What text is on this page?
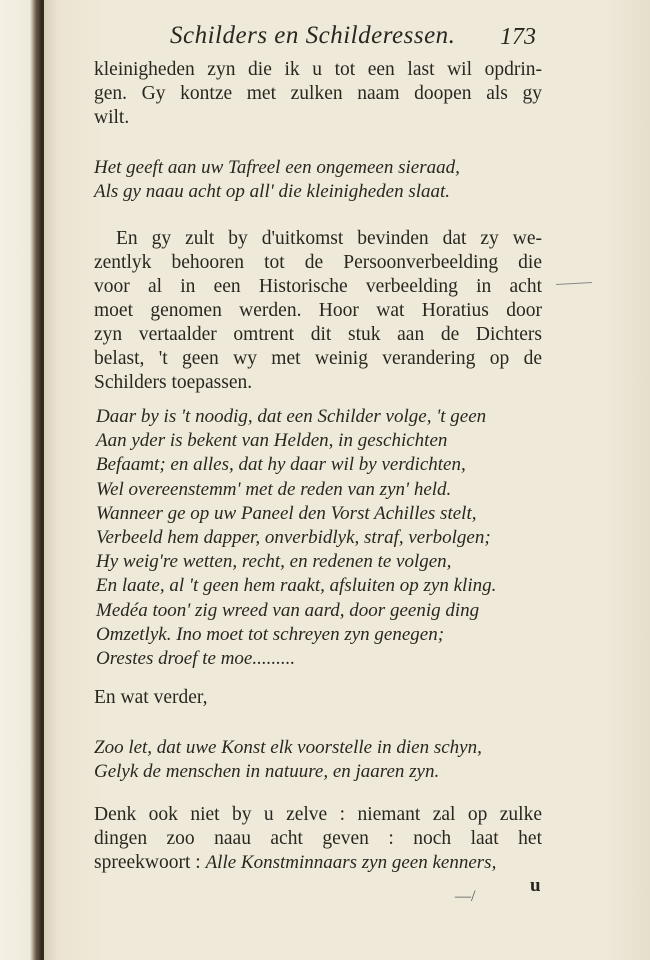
Schilders en Schilderessen. 173
kleinigheden zyn die ik u tot een last wil opdrin-
gen. Gy kontze met zulken naam doopen als gy
wilt.
Het geeft aan uw Tafreel een ongemeen sieraad,
Als gy naau acht op all' die kleinigheden slaat.
En gy zult by d'uitkomst bevinden dat zy we-
zentlyk behooren tot de Persoonverbeelding die
voor al in een Historische verbeelding in acht
moet genomen werden. Hoor wat Horatius door
zyn vertaalder omtrent dit stuk aan de Dichters
belast, 't geen wy met weinig verandering op de
Schilders toepassen.
Daar by is 't noodig, dat een Schilder volge, 't geen
Aan yder is bekent van Helden, in geschichten
Befaamt; en alles, dat hy daar wil by verdichten,
Wel overeenstemm' met de reden van zyn' held.
Wanneer ge op uw Paneel den Vorst Achilles stelt,
Verbeeld hem dapper, onverbidlyk, straf, verbolgen;
Hy weig're wetten, recht, en redenen te volgen,
En laate, al 't geen hem raakt, afsluiten op zyn kling.
Medéa toon' zig wreed van aard, door geenig ding
Omzetlyk. Ino moet tot schreyen zyn genegen;
Orestes droef te moe.........
En wat verder,
Zoo let, dat uwe Konst elk voorstelle in dien schyn,
Gelyk de menschen in natuure, en jaaren zyn.
Denk ook niet by u zelve : niemant zal op zulke
dingen zoo naau acht geven : noch laat het
spreekwoort : Alle Konstminnaars zyn geen kenners,
u
—/
